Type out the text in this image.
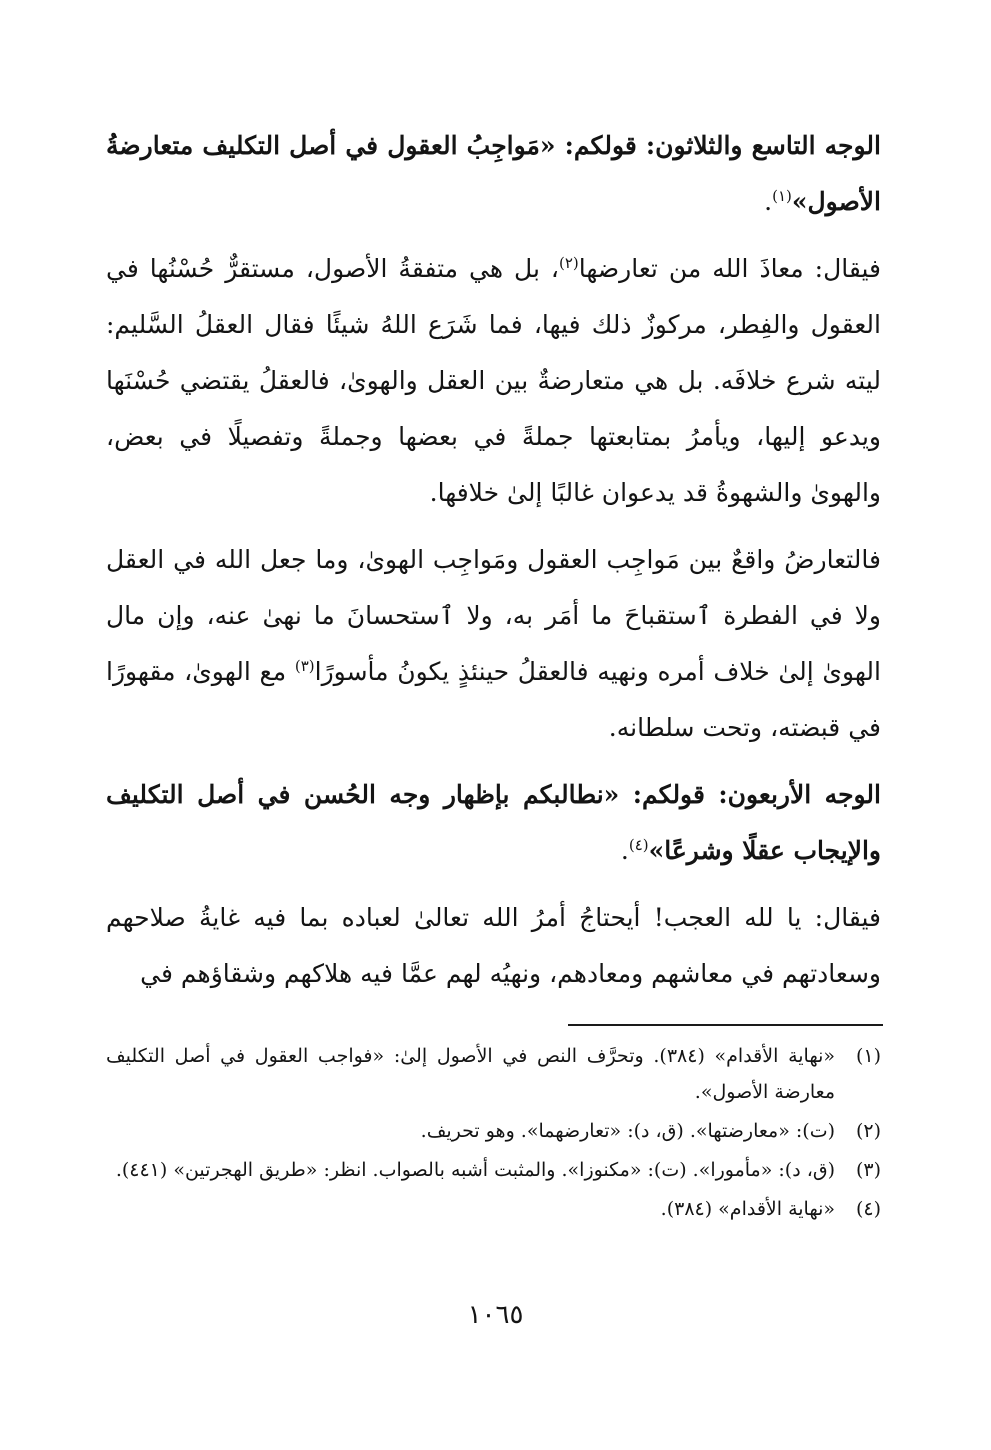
الوجه التاسع والثلاثون: قولكم: «مَواجِبُ العقول في أصل التكليف متعارضةُ الأصول»$^{(١)}$.

فيقال: معاذَ الله من تعارضها$^{(٢)}$، بل هي متفقةُ الأصول، مستقرٌّ حُسْنُها في العقول والفِطر، مركوزٌ ذلك فيها، فما شَرَع اللهُ شيئًا فقال العقلُ السَّليم: ليته شرع خلافَه. بل هي متعارضةٌ بين العقل والهوىٰ، فالعقلُ يقتضي حُسْنَها ويدعو إليها، ويأمرُ بمتابعتها جملةً في بعضها وجملةً وتفصيلًا في بعض، والهوىٰ والشهوةُ قد يدعوان غالبًا إلىٰ خلافها.

فالتعارضُ واقعٌ بين مَواجِب العقول ومَواجِب الهوىٰ، وما جعل الله في العقل ولا في الفطرة ٱستقباحَ ما أمَر به، ولا ٱستحسانَ ما نهىٰ عنه، وإن مال الهوىٰ إلىٰ خلاف أمره ونهيه فالعقلُ حينئذٍ يكونُ مأسورًا$^{(٣)}$ مع الهوىٰ، مقهورًا في قبضته، وتحت سلطانه.

الوجه الأربعون: قولكم: «نطالبكم بإظهار وجه الحُسن في أصل التكليف والإيجاب عقلًا وشرعًا»$^{(٤)}$.

فيقال: يا لله العجب! أيحتاجُ أمرُ الله تعالىٰ لعباده بما فيه غايةُ صلاحهم وسعادتهم في معاشهم ومعادهم، ونهيُه لهم عمَّا فيه هلاكهم وشقاؤهم في

(١)
«نهاية الأقدام» (٣٨٤). وتحرَّف النص في الأصول إلىٰ: «فواجب العقول في أصل التكليف معارضة الأصول».
(٢)
(ت): «معارضتها». (ق، د): «تعارضهما». وهو تحريف.
(٣)
(ق، د): «مأمورا». (ت): «مكنوزا». والمثبت أشبه بالصواب. انظر: «طريق الهجرتين» (٤٤١).
(٤)
«نهاية الأقدام» (٣٨٤).
١٠٦٥
